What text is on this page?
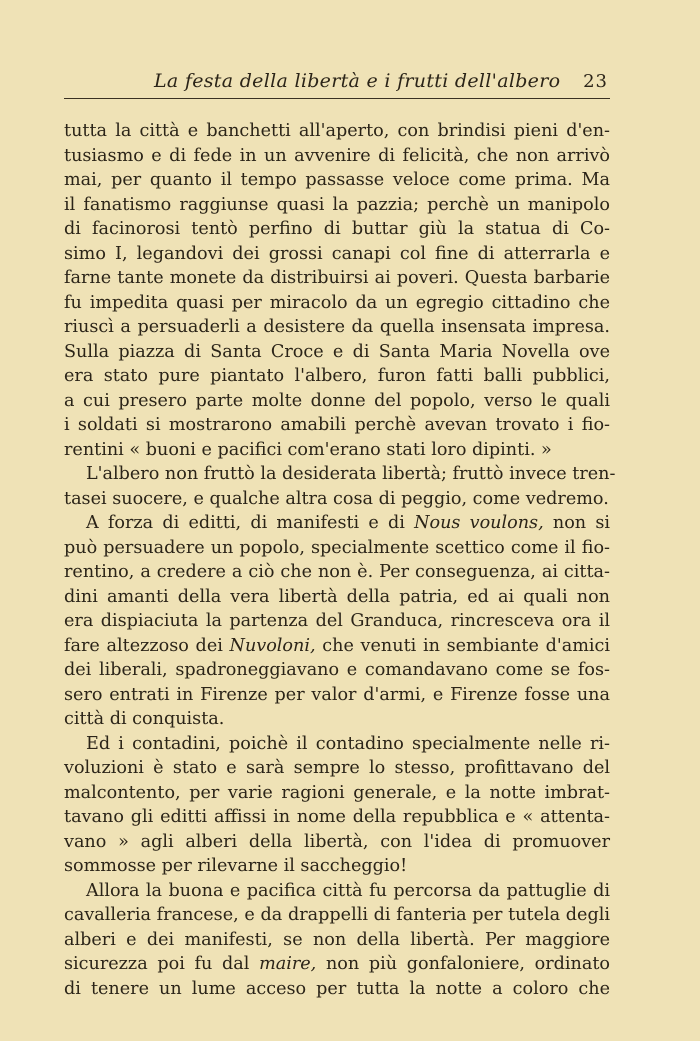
La festa della libertà e i frutti dell'albero 23
tutta la città e banchetti all'aperto, con brindisi pieni d'en-
tusiasmo e di fede in un avvenire di felicità, che non arrivò
mai, per quanto il tempo passasse veloce come prima. Ma
il fanatismo raggiunse quasi la pazzia; perchè un manipolo
di facinorosi tentò perfino di buttar giù la statua di Co-
simo I, legandovi dei grossi canapi col fine di atterrarla e
farne tante monete da distribuirsi ai poveri. Questa barbarie
fu impedita quasi per miracolo da un egregio cittadino che
riuscì a persuaderli a desistere da quella insensata impresa.
Sulla piazza di Santa Croce e di Santa Maria Novella ove
era stato pure piantato l'albero, furon fatti balli pubblici,
a cui presero parte molte donne del popolo, verso le quali
i soldati si mostrarono amabili perchè avevan trovato i fio-
rentini « buoni e pacifici com'erano stati loro dipinti. »
L'albero non fruttò la desiderata libertà; fruttò invece tren-
tasei suocere, e qualche altra cosa di peggio, come vedremo.
A forza di editti, di manifesti e di Nous voulons, non si
può persuadere un popolo, specialmente scettico come il fio-
rentino, a credere a ciò che non è. Per conseguenza, ai citta-
dini amanti della vera libertà della patria, ed ai quali non
era dispiaciuta la partenza del Granduca, rincresceva ora il
fare altezzoso dei Nuvoloni, che venuti in sembiante d'amici
dei liberali, spadroneggiavano e comandavano come se fos-
sero entrati in Firenze per valor d'armi, e Firenze fosse una
città di conquista.
Ed i contadini, poichè il contadino specialmente nelle ri-
voluzioni è stato e sarà sempre lo stesso, profittavano del
malcontento, per varie ragioni generale, e la notte imbrat-
tavano gli editti affissi in nome della repubblica e « attenta-
vano » agli alberi della libertà, con l'idea di promuover
sommosse per rilevarne il saccheggio!
Allora la buona e pacifica città fu percorsa da pattuglie di
cavalleria francese, e da drappelli di fanteria per tutela degli
alberi e dei manifesti, se non della libertà. Per maggiore
sicurezza poi fu dal maire, non più gonfaloniere, ordinato
di tenere un lume acceso per tutta la notte a coloro che
